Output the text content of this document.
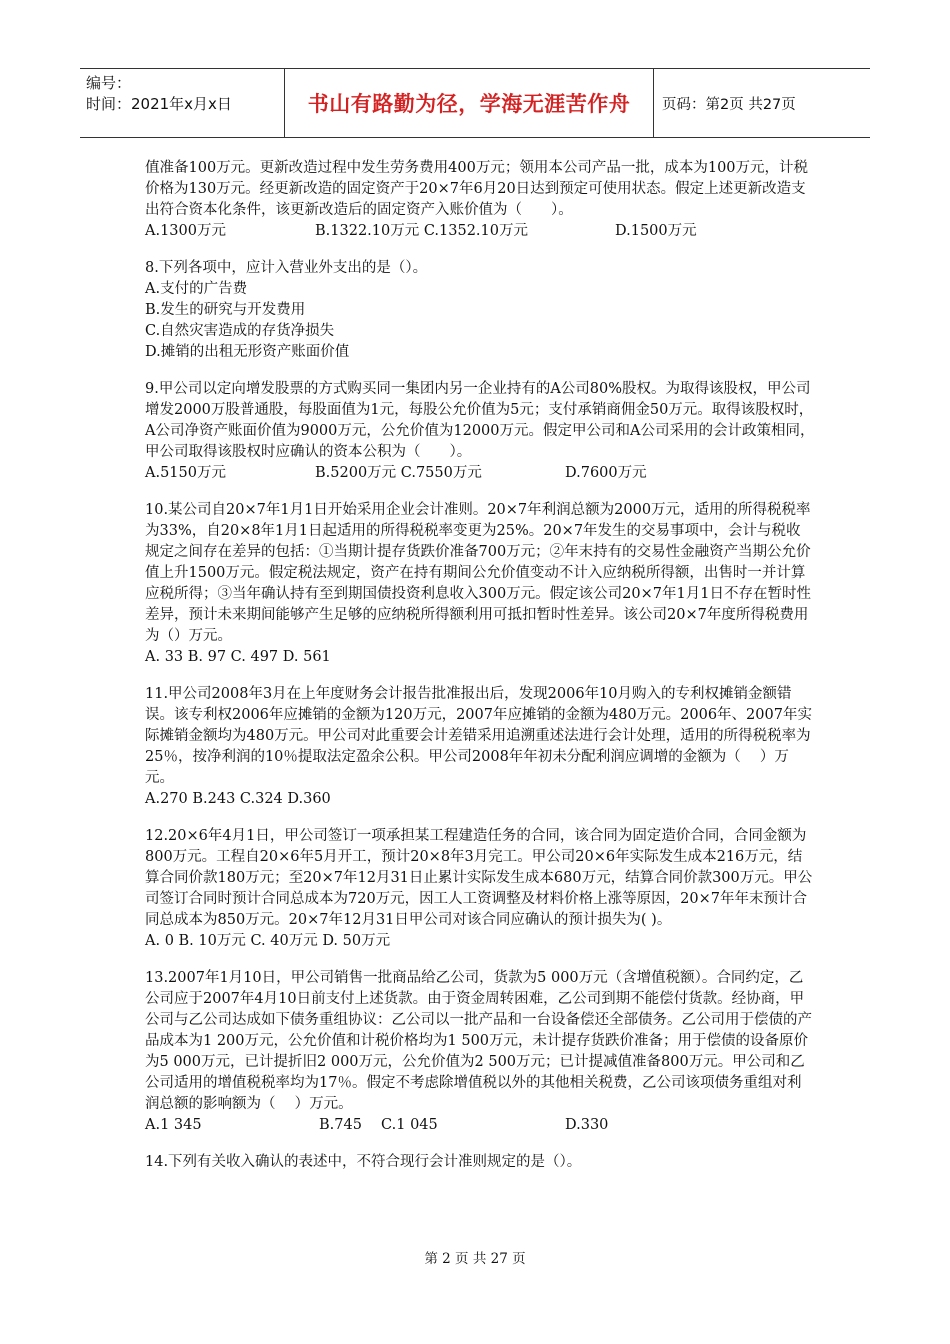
编号：
时间：2021年x月x日	书山有路勤为径，学海无涯苦作舟 页码：第2页 共27页

值准备100万元。更新改造过程中发生劳务费用400万元；领用本公司产品一批，成本为100万元，计税价格为130万元。经更新改造的固定资产于20×7年6月20日达到预定可使用状态。假定上述更新改造支出符合资本化条件，该更新改造后的固定资产入账价值为（　　）。

A.1300万元	B.1322.10万元 C.1352.10万元	D.1500万元

8.下列各项中，应计入营业外支出的是（）。

A.支付的广告费

B.发生的研究与开发费用

C.自然灾害造成的存货净损失

D.摊销的出租无形资产账面价值

9.甲公司以定向增发股票的方式购买同一集团内另一企业持有的A公司80%股权。为取得该股权，甲公司增发2000万股普通股，每股面值为1元，每股公允价值为5元；支付承销商佣金50万元。取得该股权时，A公司净资产账面价值为9000万元，公允价值为12000万元。假定甲公司和A公司采用的会计政策相同，甲公司取得该股权时应确认的资本公积为（　　）。

A.5150万元	B.5200万元 C.7550万元	D.7600万元

10.某公司自20×7年1月1日开始采用企业会计准则。20×7年利润总额为2000万元，适用的所得税税率为33%，自20×8年1月1日起适用的所得税税率变更为25%。20×7年发生的交易事项中，会计与税收规定之间存在差异的包括：①当期计提存货跌价准备700万元；②年末持有的交易性金融资产当期公允价值上升1500万元。假定税法规定，资产在持有期间公允价值变动不计入应纳税所得额，出售时一并计算应税所得；③当年确认持有至到期国债投资利息收入300万元。假定该公司20×7年1月1日不存在暂时性差异，预计未来期间能够产生足够的应纳税所得额利用可抵扣暂时性差异。该公司20×7年度所得税费用为（）万元。

A. 33 B. 97 C. 497 D. 561

11.甲公司2008年3月在上年度财务会计报告批准报出后，发现2006年10月购入的专利权摊销金额错误。该专利权2006年应摊销的金额为120万元，2007年应摊销的金额为480万元。2006年、2007年实际摊销金额均为480万元。甲公司对此重要会计差错采用追溯重述法进行会计处理，适用的所得税税率为25％，按净利润的10％提取法定盈余公积。甲公司2008年年初未分配利润应调增的金额为（　 ）万元。

A.270 B.243 C.324 D.360

12.20×6年4月1日，甲公司签订一项承担某工程建造任务的合同，该合同为固定造价合同，合同金额为800万元。工程自20×6年5月开工，预计20×8年3月完工。甲公司20×6年实际发生成本216万元，结算合同价款180万元；至20×7年12月31日止累计实际发生成本680万元，结算合同价款300万元。甲公司签订合同时预计合同总成本为720万元，因工人工资调整及材料价格上涨等原因，20×7年年末预计合同总成本为850万元。20×7年12月31日甲公司对该合同应确认的预计损失为( )。

A. 0 B. 10万元 C. 40万元 D. 50万元

13.2007年1月10日，甲公司销售一批商品给乙公司，货款为5 000万元（含增值税额）。合同约定，乙公司应于2007年4月10日前支付上述货款。由于资金周转困难，乙公司到期不能偿付货款。经协商，甲公司与乙公司达成如下债务重组协议：乙公司以一批产品和一台设备偿还全部债务。乙公司用于偿债的产品成本为1 200万元，公允价值和计税价格均为1 500万元，未计提存货跌价准备；用于偿债的设备原价为5 000万元，已计提折旧2 000万元，公允价值为2 500万元；已计提减值准备800万元。甲公司和乙公司适用的增值税税率均为17％。假定不考虑除增值税以外的其他相关税费，乙公司该项债务重组对利润总额的影响额为（　 ）万元。

A.1 345	B.745　 C.1 045	D.330

14.下列有关收入确认的表述中，不符合现行会计准则规定的是（）。

第 2 页 共 27 页
